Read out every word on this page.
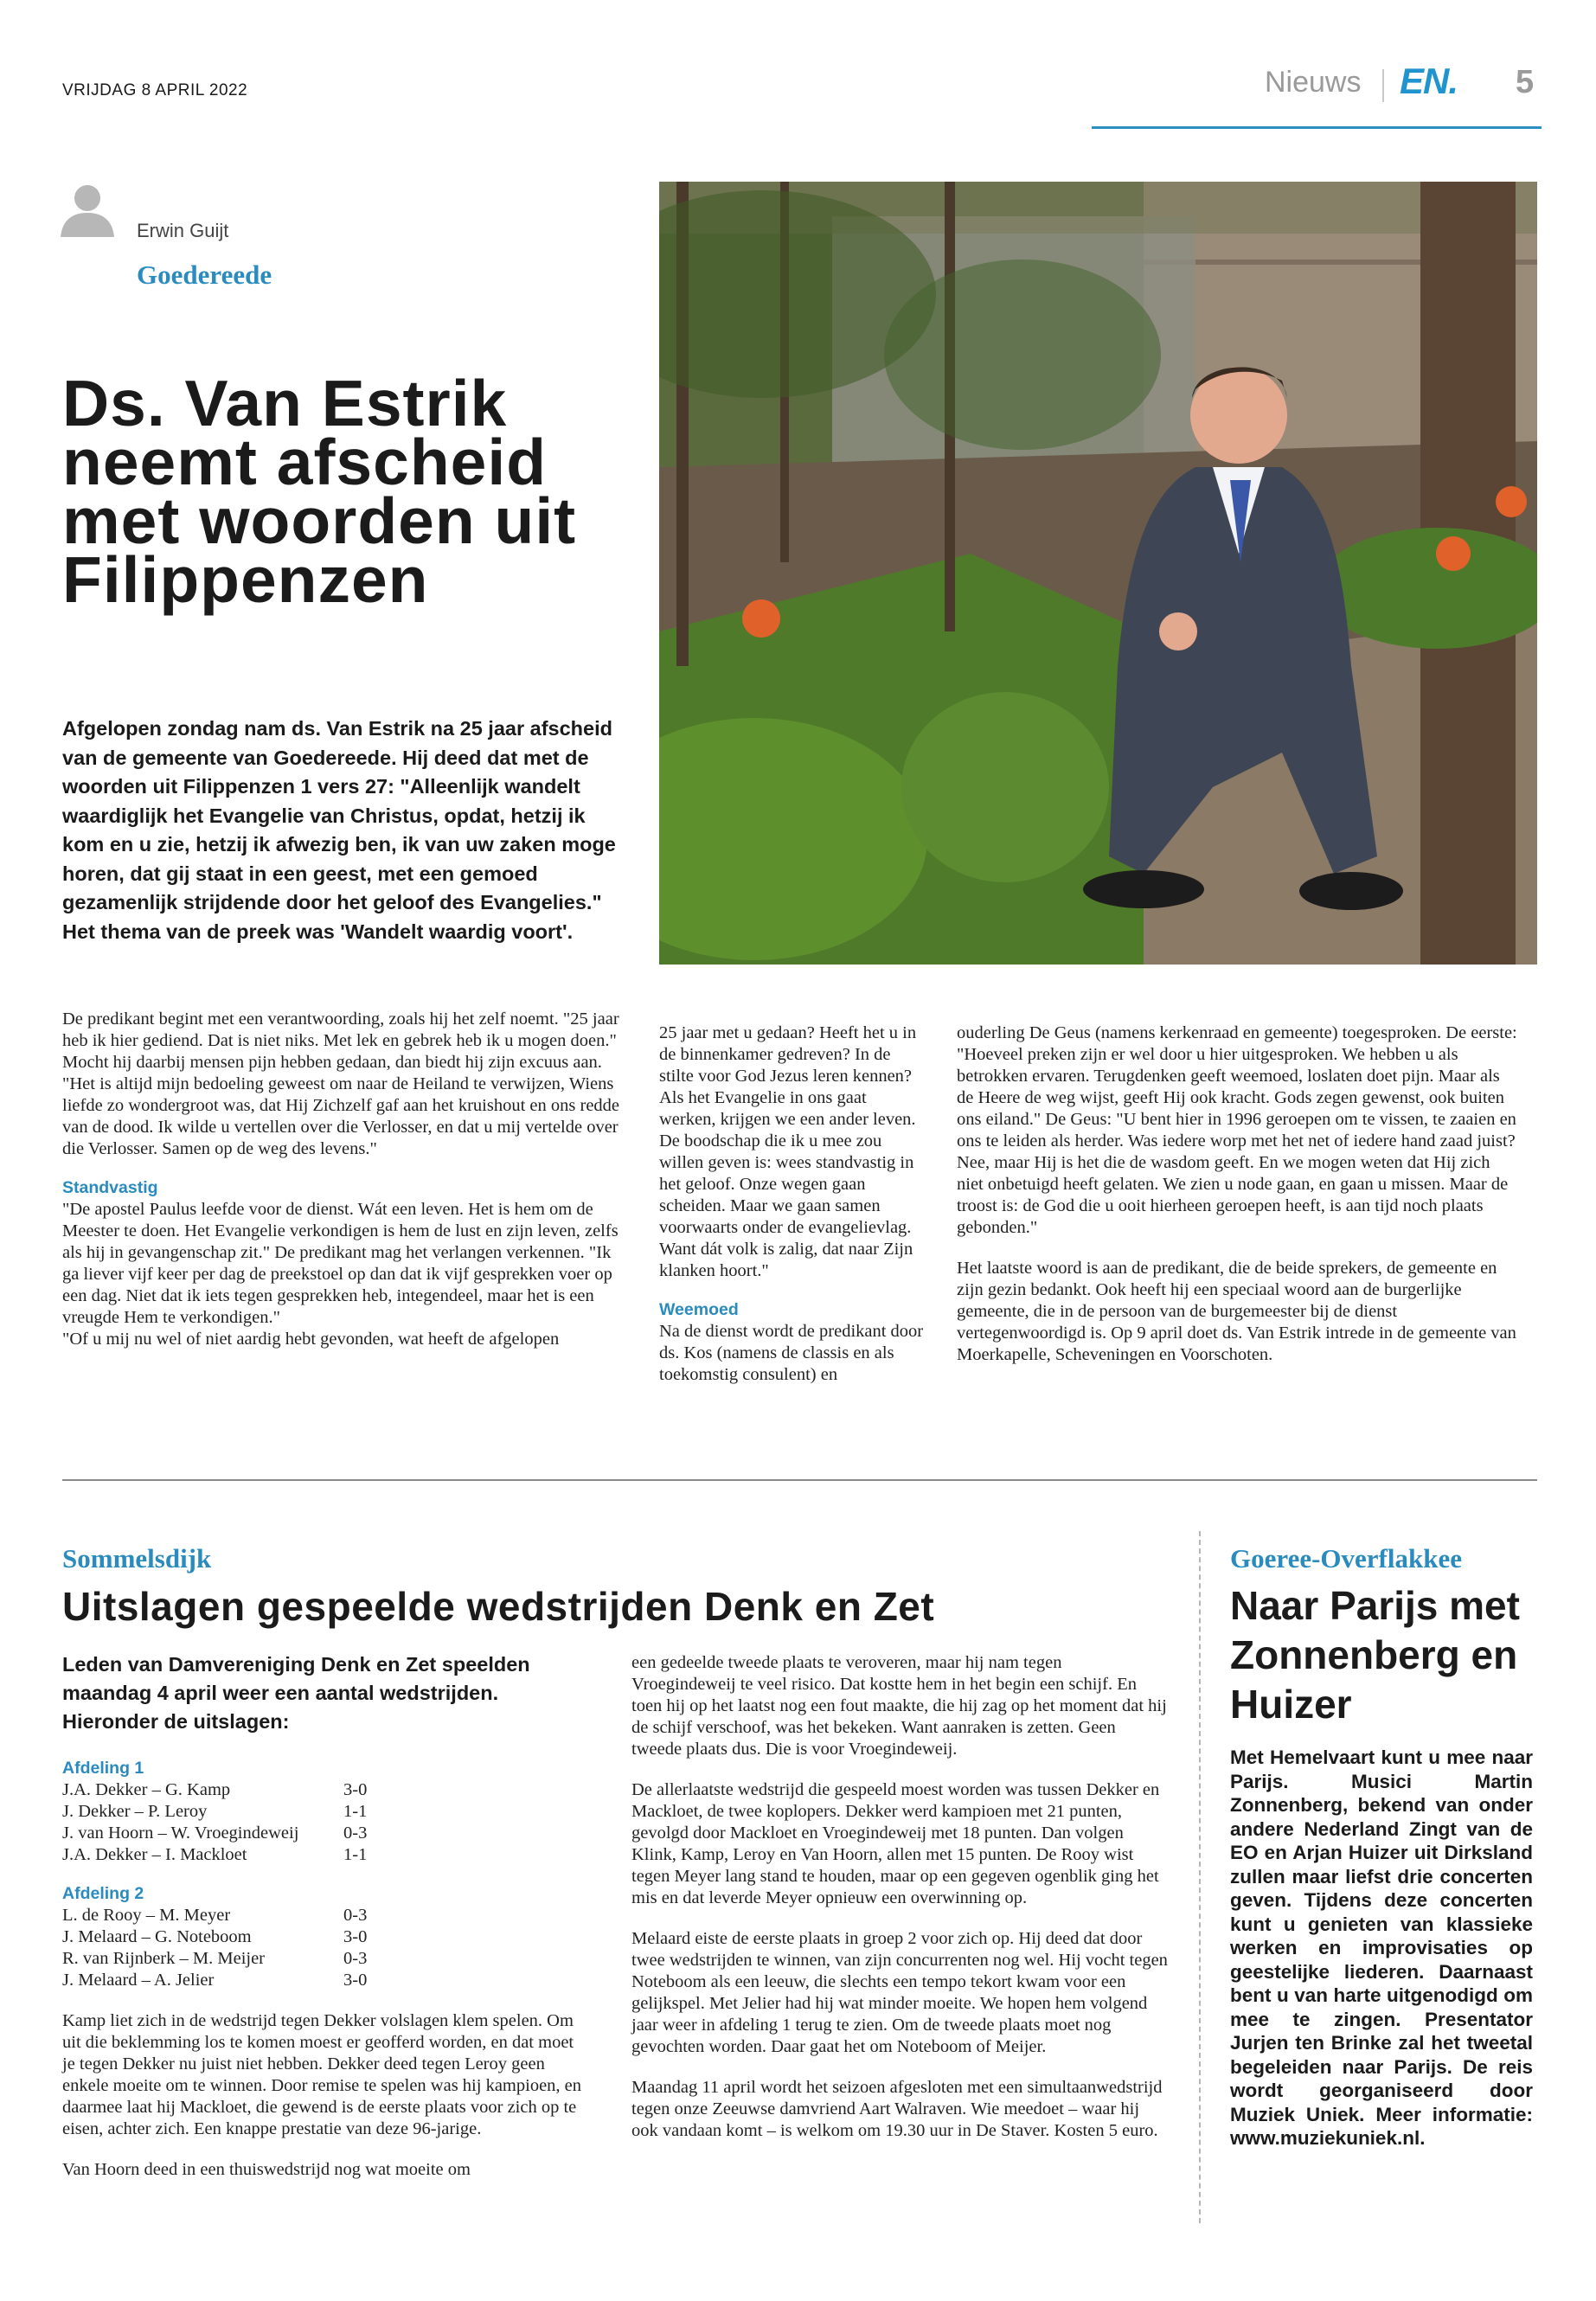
VRIJDAG 8 APRIL 2022	Nieuws EN. 5
Erwin Guijt
Goedereede
Ds. Van Estrik neemt afscheid met woorden uit Filippenzen
Afgelopen zondag nam ds. Van Estrik na 25 jaar afscheid van de gemeente van Goedereede. Hij deed dat met de woorden uit Filippenzen 1 vers 27: "Alleenlijk wandelt waardiglijk het Evangelie van Christus, opdat, hetzij ik kom en u zie, hetzij ik afwezig ben, ik van uw zaken moge horen, dat gij staat in een geest, met een gemoed gezamenlijk strijdende door het geloof des Evangelies." Het thema van de preek was 'Wandelt waardig voort'.

De predikant begint met een verantwoording, zoals hij het zelf noemt. "25 jaar heb ik hier gediend. Dat is niet niks. Met lek en gebrek heb ik u mogen doen." Mocht hij daarbij mensen pijn hebben gedaan, dan biedt hij zijn excuus aan. "Het is altijd mijn bedoeling geweest om naar de Heiland te verwijzen, Wiens liefde zo wondergroot was, dat Hij Zichzelf gaf aan het kruishout en ons redde van de dood. Ik wilde u vertellen over die Verlosser, en dat u mij vertelde over die Verlosser. Samen op de weg des levens."

Standvastig

"De apostel Paulus leefde voor de dienst. Wát een leven. Het is hem om de Meester te doen. Het Evangelie verkondigen is hem de lust en zijn leven, zelfs als hij in gevangenschap zit." De predikant mag het verlangen verkennen. "Ik ga liever vijf keer per dag de preekstoel op dan dat ik vijf gesprekken voer op een dag. Niet dat ik iets tegen gesprekken heb, integendeel, maar het is een vreugde Hem te verkondigen."

"Of u mij nu wel of niet aardig hebt gevonden, wat heeft de afgelopen

25 jaar met u gedaan? Heeft het u in de binnenkamer gedreven? In de stilte voor God Jezus leren kennen? Als het Evangelie in ons gaat werken, krijgen we een ander leven. De boodschap die ik u mee zou willen geven is: wees standvastig in het geloof. Onze wegen gaan scheiden. Maar we gaan samen voorwaarts onder de evangelievlag. Want dát volk is zalig, dat naar Zijn klanken hoort."

Weemoed

Na de dienst wordt de predikant door ds. Kos (namens de classis en als toekomstig consulent) en

ouderling De Geus (namens kerkenraad en gemeente) toegesproken. De eerste: "Hoeveel preken zijn er wel door u hier uitgesproken. We hebben u als betrokken ervaren. Terugdenken geeft weemoed, loslaten doet pijn. Maar als de Heere de weg wijst, geeft Hij ook kracht. Gods zegen gewenst, ook buiten ons eiland." De Geus: "U bent hier in 1996 geroepen om te vissen, te zaaien en ons te leiden als herder. Was iedere worp met het net of iedere hand zaad juist? Nee, maar Hij is het die de wasdom geeft. En we mogen weten dat Hij zich niet onbetuigd heeft gelaten. We zien u node gaan, en gaan u missen. Maar de troost is: de God die u ooit hierheen geroepen heeft, is aan tijd noch plaats gebonden."

Het laatste woord is aan de predikant, die de beide sprekers, de gemeente en zijn gezin bedankt. Ook heeft hij een speciaal woord aan de burgerlijke gemeente, die in de persoon van de burgemeester bij de dienst vertegenwoordigd is. Op 9 april doet ds. Van Estrik intrede in de gemeente van Moerkapelle, Scheveningen en Voorschoten.

Sommelsdijk
Uitslagen gespeelde wedstrijden Denk en Zet
Leden van Damvereniging Denk en Zet speelden maandag 4 april weer een aantal wedstrijden. Hieronder de uitslagen:
Afdeling 1
J.A. Dekker – G. Kamp	3-0
J. Dekker – P. Leroy	1-1
J. van Hoorn – W. Vroegindeweij	0-3
J.A. Dekker – I. Mackloet	1-1
Afdeling 2
L. de Rooy – M. Meyer	0-3
J. Melaard – G. Noteboom	3-0
R. van Rijnberk – M. Meijer	0-3
J. Melaard – A. Jelier	3-0

Kamp liet zich in de wedstrijd tegen Dekker volslagen klem spelen. Om uit die beklemming los te komen moest er geofferd worden, en dat moet je tegen Dekker nu juist niet hebben. Dekker deed tegen Leroy geen enkele moeite om te winnen. Door remise te spelen was hij kampioen, en daarmee laat hij Mackloet, die gewend is de eerste plaats voor zich op te eisen, achter zich. Een knappe prestatie van deze 96-jarige.

Van Hoorn deed in een thuiswedstrijd nog wat moeite om

een gedeelde tweede plaats te veroveren, maar hij nam tegen Vroegindeweij te veel risico. Dat kostte hem in het begin een schijf. En toen hij op het laatst nog een fout maakte, die hij zag op het moment dat hij de schijf verschoof, was het bekeken. Want aanraken is zetten. Geen tweede plaats dus. Die is voor Vroegindeweij.

De allerlaatste wedstrijd die gespeeld moest worden was tussen Dekker en Mackloet, de twee koplopers. Dekker werd kampioen met 21 punten, gevolgd door Mackloet en Vroegindeweij met 18 punten. Dan volgen Klink, Kamp, Leroy en Van Hoorn, allen met 15 punten. De Rooy wist tegen Meyer lang stand te houden, maar op een gegeven ogenblik ging het mis en dat leverde Meyer opnieuw een overwinning op.

Melaard eiste de eerste plaats in groep 2 voor zich op. Hij deed dat door twee wedstrijden te winnen, van zijn concurrenten nog wel. Hij vocht tegen Noteboom als een leeuw, die slechts een tempo tekort kwam voor een gelijkspel. Met Jelier had hij wat minder moeite. We hopen hem volgend jaar weer in afdeling 1 terug te zien. Om de tweede plaats moet nog gevochten worden. Daar gaat het om Noteboom of Meijer.

Maandag 11 april wordt het seizoen afgesloten met een simultaanwedstrijd tegen onze Zeeuwse damvriend Aart Walraven. Wie meedoet – waar hij ook vandaan komt – is welkom om 19.30 uur in De Staver. Kosten 5 euro.

Goeree-Overflakkee
Naar Parijs met Zonnenberg en Huizer
Met Hemelvaart kunt u mee naar Parijs. Musici Martin Zonnenberg, bekend van onder andere Nederland Zingt van de EO en Arjan Huizer uit Dirksland zullen maar liefst drie concerten geven. Tijdens deze concerten kunt u genieten van klassieke werken en improvisaties op geestelijke liederen. Daarnaast bent u van harte uitgenodigd om mee te zingen. Presentator Jurjen ten Brinke zal het tweetal begeleiden naar Parijs. De reis wordt georganiseerd door Muziek Uniek. Meer informatie: www.muziekuniek.nl.
